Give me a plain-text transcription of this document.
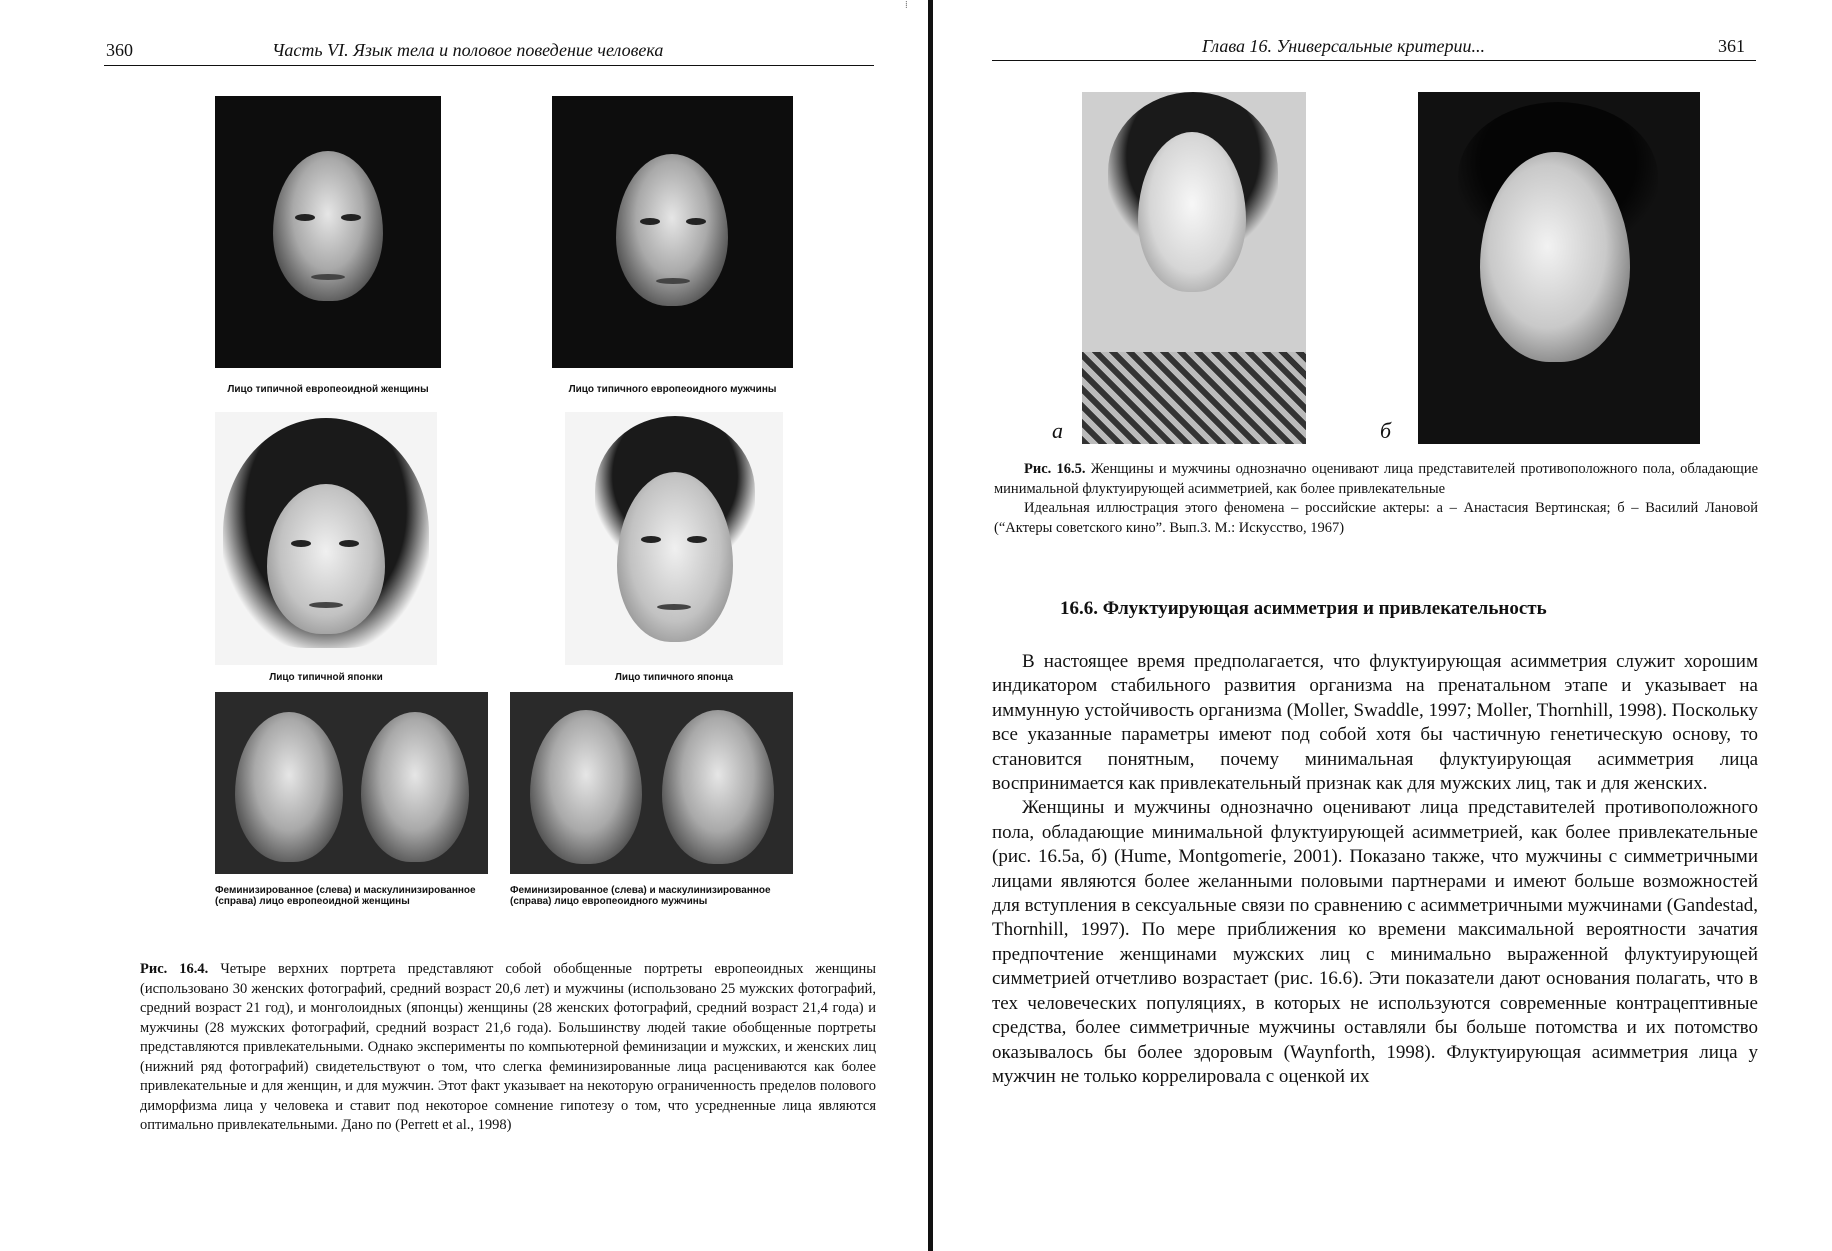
360	Часть VI. Язык тела и половое поведение человека
Лицо типичной европеоидной женщины	Лицо типичного европеоидного мужчины
Лицо типичной японки	Лицо типичного японца
Феминизированное (слева) и маскулинизированное (справа) лицо европеоидной женщины
Феминизированное (слева) и маскулинизированное (справа) лицо европеоидного мужчины
Рис. 16.4. Четыре верхних портрета представляют собой обобщенные портреты европеоидных женщины (использовано 30 женских фотографий, средний возраст 20,6 лет) и мужчины (использовано 25 мужских фотографий, средний возраст 21 год), и монголоидных (японцы) женщины (28 женских фотографий, средний возраст 21,4 года) и мужчины (28 мужских фотографий, средний возраст 21,6 года). Большинству людей такие обобщенные портреты представляются привлекательными. Однако эксперименты по компьютерной феминизации и мужских, и женских лиц (нижний ряд фотографий) свидетельствуют о том, что слегка феминизированные лица расцениваются как более привлекательные и для женщин, и для мужчин. Этот факт указывает на некоторую ограниченность пределов полового диморфизма лица у человека и ставит под некоторое сомнение гипотезу о том, что усредненные лица являются оптимально привлекательными. Дано по (Perrett et al., 1998)
⁞
Глава 16. Универсальные критерии...	361
а	б
Рис. 16.5. Женщины и мужчины однозначно оценивают лица представителей противоположного пола, обладающие минимальной флуктуирующей асимметрией, как более привлекательные
Идеальная иллюстрация этого феномена – российские актеры: а – Анастасия Вертинская; б – Василий Лановой (“Актеры советского кино”. Вып.3. М.: Искусство, 1967)
16.6. Флуктуирующая асимметрия и привлекательность

В настоящее время предполагается, что флуктуирующая асимметрия служит хорошим индикатором стабильного развития организма на пренатальном этапе и указывает на иммунную устойчивость организма (Moller, Swaddle, 1997; Moller, Thornhill, 1998). Поскольку все указанные параметры имеют под собой хотя бы частичную генетическую основу, то становится понятным, почему минимальная флуктуирующая асимметрия лица воспринимается как привлекательный признак как для мужских лиц, так и для женских.

Женщины и мужчины однозначно оценивают лица представителей противоположного пола, обладающие минимальной флуктуирующей асимметрией, как более привлекательные (рис. 16.5а, б) (Hume, Montgomerie, 2001). Показано также, что мужчины с симметричными лицами являются более желанными половыми партнерами и имеют больше возможностей для вступления в сексуальные связи по сравнению с асимметричными мужчинами (Gandestad, Thornhill, 1997). По мере приближения ко времени максимальной вероятности зачатия предпочтение женщинами мужских лиц с минимально выраженной флуктуирующей симметрией отчетливо возрастает (рис. 16.6). Эти показатели дают основания полагать, что в тех человеческих популяциях, в которых не используются современные контрацептивные средства, более симметричные мужчины оставляли бы больше потомства и их потомство оказывалось бы более здоровым (Waynforth, 1998). Флуктуирующая асимметрия лица у мужчин не только коррелировала с оценкой их
